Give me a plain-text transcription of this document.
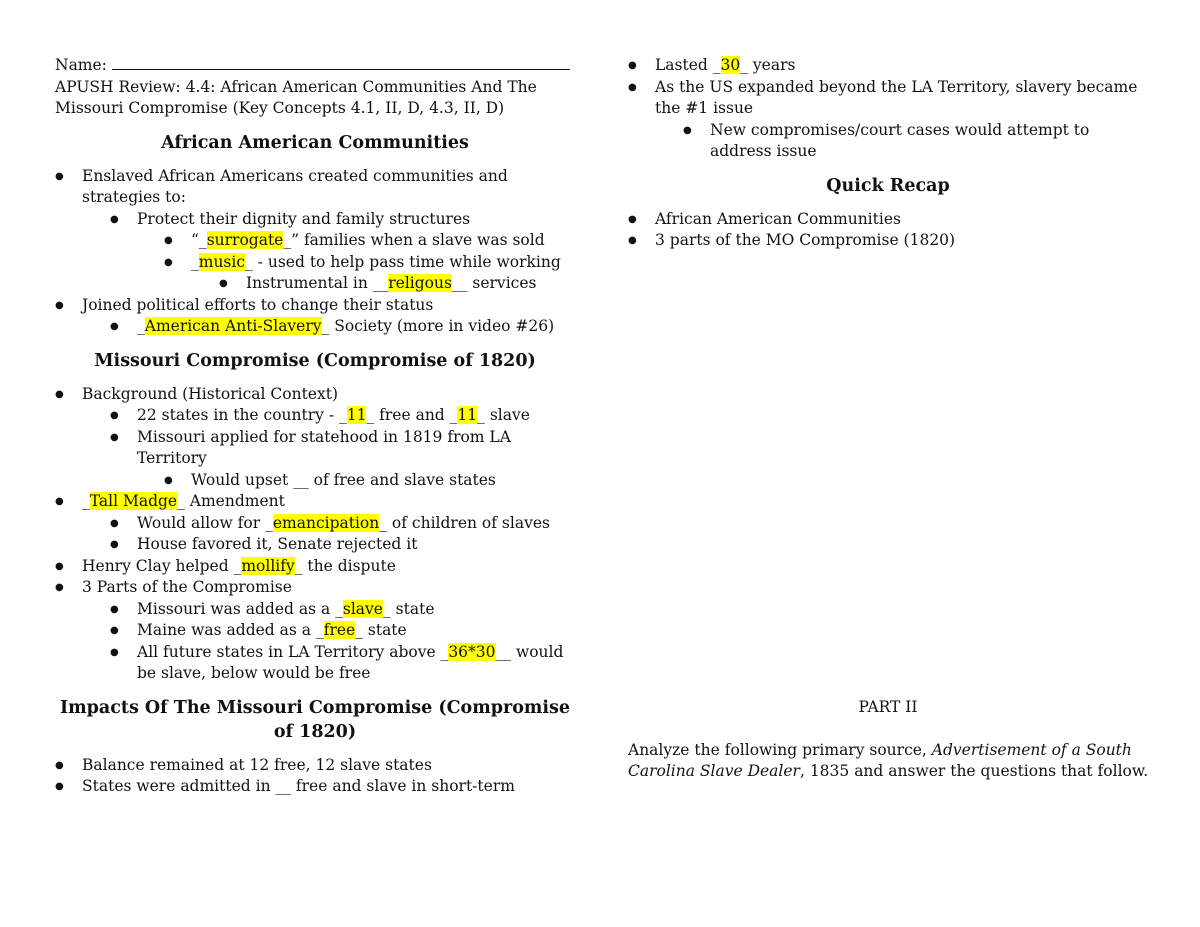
Name:
APUSH Review: 4.4: African American Communities And The
Missouri Compromise (Key Concepts 4.1, II, D, 4.3, II, D)
African American Communities
● Enslaved African Americans created communities and
strategies to:
● Protect their dignity and family structures
● “_surrogate_” families when a slave was sold
● _music_ - used to help pass time while working
● Instrumental in __religous__ services
● Joined political efforts to change their status
● _American Anti-Slavery_ Society (more in video #26)
Missouri Compromise (Compromise of 1820)
● Background (Historical Context)
● 22 states in the country - _11_ free and _11_ slave
● Missouri applied for statehood in 1819 from LA
Territory
● Would upset __ of free and slave states
● _Tall Madge_ Amendment
● Would allow for _emancipation_ of children of slaves
● House favored it, Senate rejected it
● Henry Clay helped _mollify_ the dispute
● 3 Parts of the Compromise
● Missouri was added as a _slave_ state
● Maine was added as a _free_ state
● All future states in LA Territory above _36*30__ would
be slave, below would be free
Impacts Of The Missouri Compromise (Compromise
of 1820)
● Balance remained at 12 free, 12 slave states
● States were admitted in __ free and slave in short-term
● Lasted _30_ years
● As the US expanded beyond the LA Territory, slavery became
the #1 issue
● New compromises/court cases would attempt to
address issue
Quick Recap
● African American Communities
● 3 parts of the MO Compromise (1820)
PART II
Analyze the following primary source, Advertisement of a South
Carolina Slave Dealer, 1835 and answer the questions that follow.
